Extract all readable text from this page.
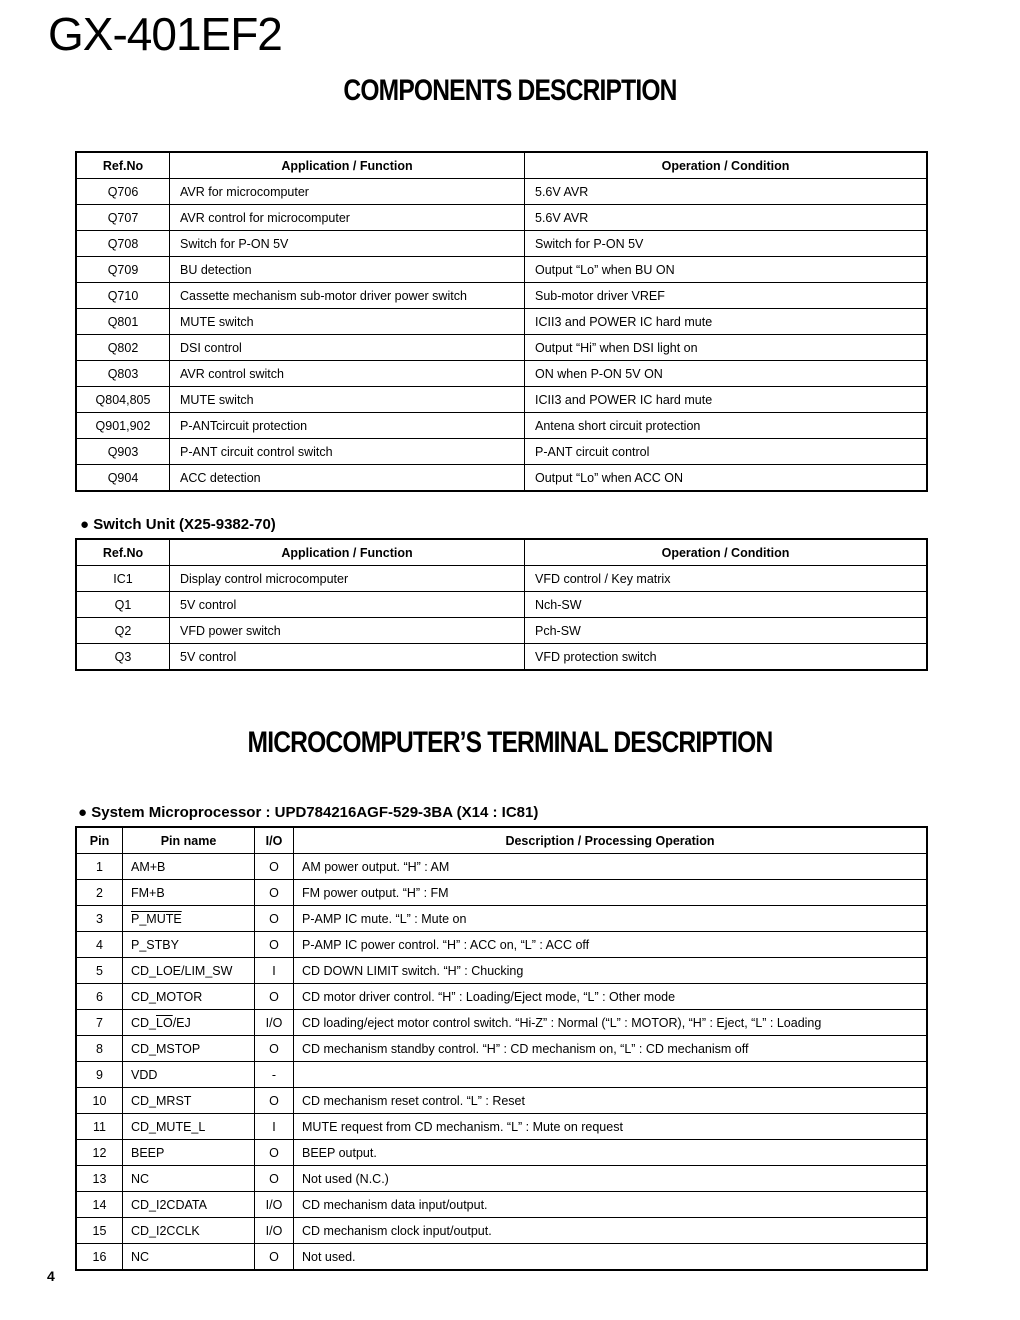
GX-401EF2
COMPONENTS DESCRIPTION
Ref.No	Application / Function	Operation / Condition
Q706	AVR for microcomputer	5.6V AVR
Q707	AVR control for microcomputer	5.6V AVR
Q708	Switch for P-ON 5V	Switch for P-ON 5V
Q709	BU detection	Output “Lo” when BU ON
Q710	Cassette mechanism sub-motor driver power switch	Sub-motor driver VREF
Q801	MUTE switch	ICII3 and POWER IC hard mute
Q802	DSI control	Output “Hi” when DSI light on
Q803	AVR control switch	ON when P-ON 5V ON
Q804,805	MUTE switch	ICII3 and POWER IC hard mute
Q901,902	P-ANTcircuit protection	Antena short circuit protection
Q903	P-ANT circuit control switch	P-ANT circuit control
Q904	ACC detection	Output “Lo” when ACC ON
● Switch Unit (X25-9382-70)
Ref.No	Application / Function	Operation / Condition
IC1	Display control microcomputer	VFD control / Key matrix
Q1	5V control	Nch-SW
Q2	VFD power switch	Pch-SW
Q3	5V control	VFD protection switch
MICROCOMPUTER’S TERMINAL DESCRIPTION
● System Microprocessor : UPD784216AGF-529-3BA (X14 : IC81)
Pin	Pin name	I/O	Description / Processing Operation
1	AM+B	O	AM power output. “H” : AM
2	FM+B	O	FM power output. “H” : FM
3	P_MUTE	O	P-AMP IC mute. “L” : Mute on
4	P_STBY	O	P-AMP IC power control. “H” : ACC on, “L” : ACC off
5	CD_LOE/LIM_SW	I	CD DOWN LIMIT switch. “H” : Chucking
6	CD_MOTOR	O	CD motor driver control. “H” : Loading/Eject mode, “L” : Other mode
7	$CD\_\overline{LO}/EJ$	I/O	CD loading/eject motor control switch. “Hi-Z” : Normal (“L” : MOTOR), “H” : Eject, “L” : Loading
8	CD_MSTOP	O	CD mechanism standby control. “H” : CD mechanism on, “L” : CD mechanism off
9	VDD	-	
10	CD_MRST	O	CD mechanism reset control. “L” : Reset
11	CD_MUTE_L	I	MUTE request from CD mechanism. “L” : Mute on request
12	BEEP	O	BEEP output.
13	NC	O	Not used (N.C.)
14	CD_I2CDATA	I/O	CD mechanism data input/output.
15	CD_I2CCLK	I/O	CD mechanism clock input/output.
16	NC	O	Not used.
4
